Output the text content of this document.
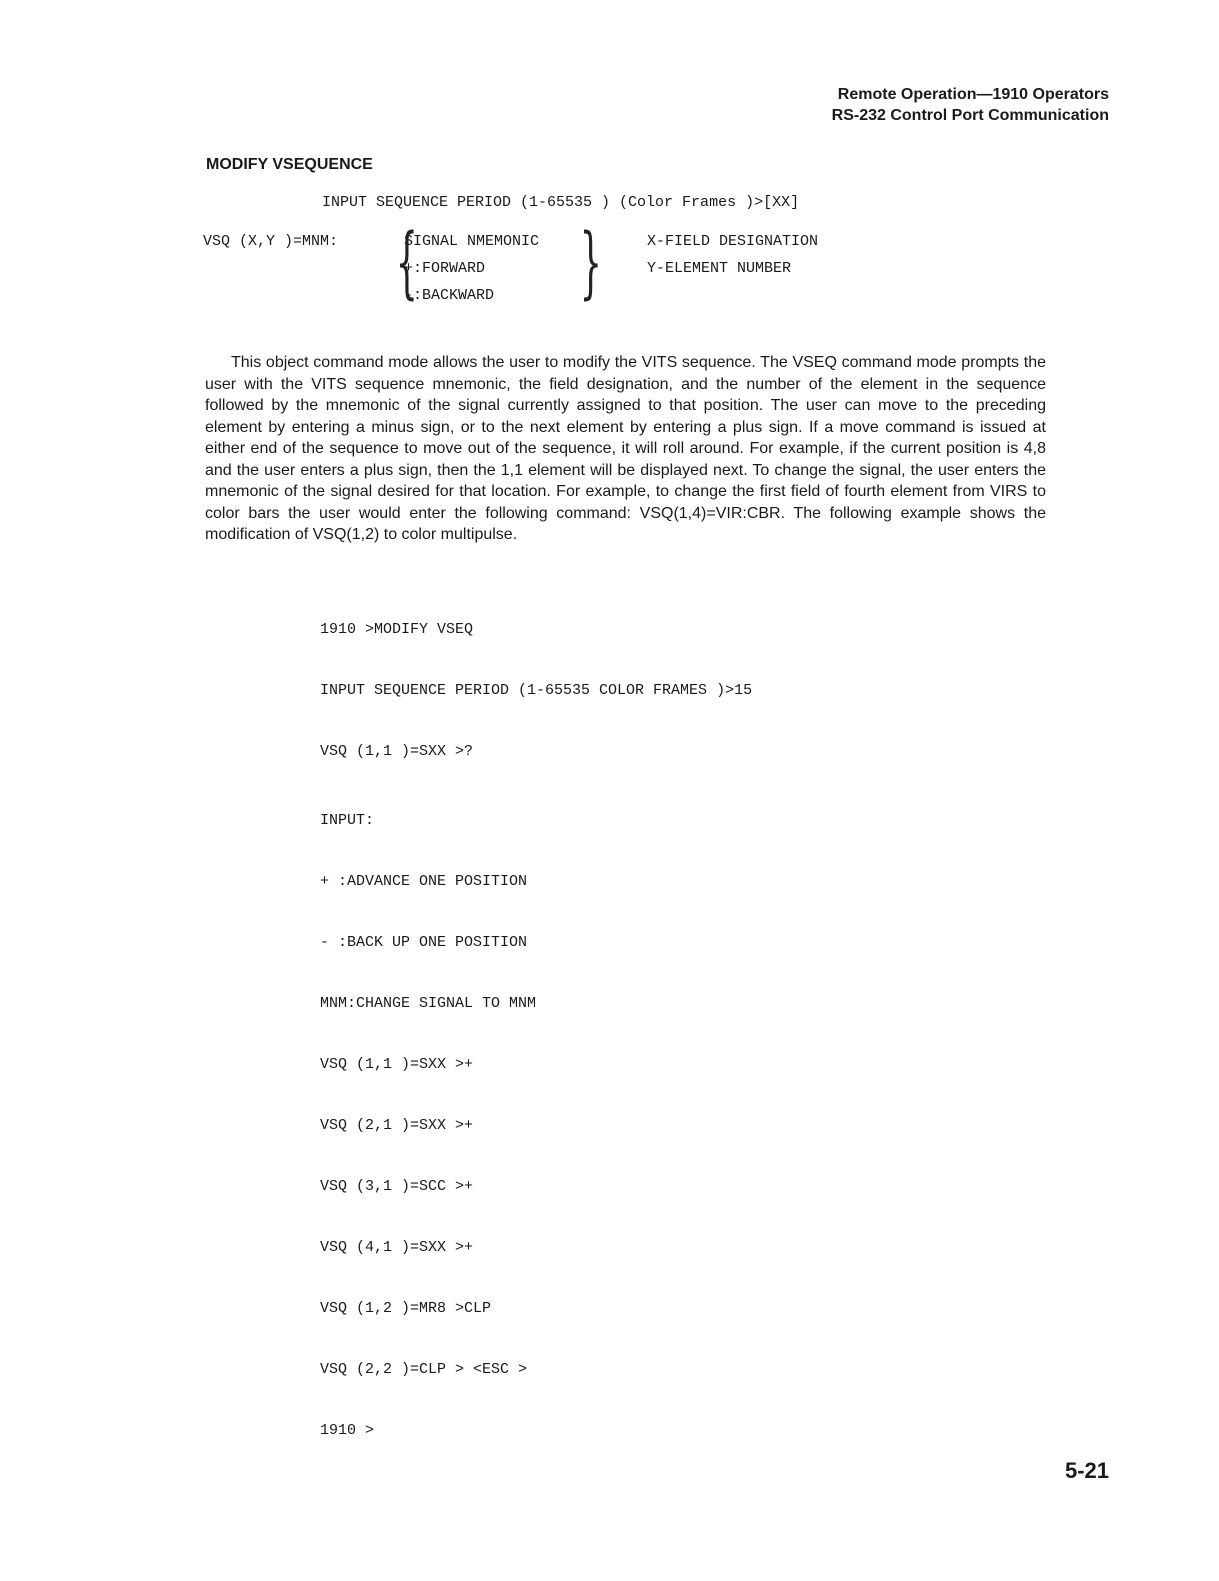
Remote Operation—1910 Operators
RS-232 Control Port Communication
MODIFY VSEQUENCE
INPUT SEQUENCE PERIOD (1-65535 ) (Color Frames )>[XX]
VSQ (X,Y )=MNM: {
SIGNAL NMEMONIC
+:FORWARD
-:BACKWARD }	X-FIELD DESIGNATION
Y-ELEMENT NUMBER

This object command mode allows the user to modify the VITS sequence. The VSEQ command mode prompts the user with the VITS sequence mnemonic, the field designation, and the number of the element in the sequence followed by the mnemonic of the signal currently assigned to that position. The user can move to the preceding element by entering a minus sign, or to the next element by entering a plus sign. If a move command is issued at either end of the sequence to move out of the sequence, it will roll around. For example, if the current position is 4,8 and the user enters a plus sign, then the 1,1 element will be displayed next. To change the signal, the user enters the mnemonic of the signal desired for that location. For example, to change the first field of fourth element from VIRS to color bars the user would enter the following command: VSQ(1,4)=VIR:CBR. The following example shows the modification of VSQ(1,2) to color multipulse.

1910 >MODIFY VSEQ

INPUT SEQUENCE PERIOD (1-65535 COLOR FRAMES )>15

VSQ (1,1 )=SXX >?

INPUT:

+ :ADVANCE ONE POSITION

- :BACK UP ONE POSITION

MNM:CHANGE SIGNAL TO MNM

VSQ (1,1 )=SXX >+

VSQ (2,1 )=SXX >+

VSQ (3,1 )=SCC >+

VSQ (4,1 )=SXX >+

VSQ (1,2 )=MR8 >CLP

VSQ (2,2 )=CLP > <ESC >

1910 >

5-21
